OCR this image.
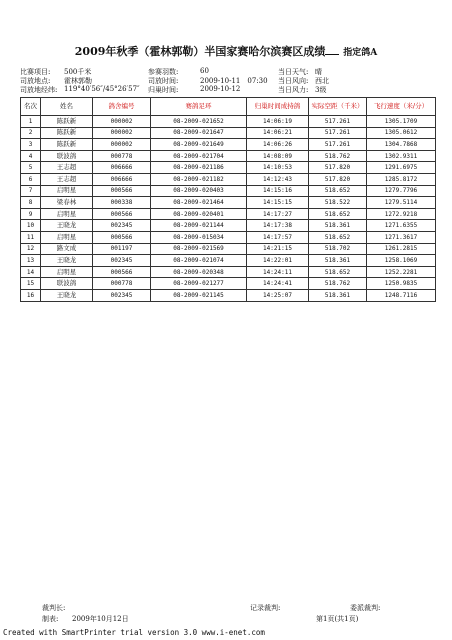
2009年秋季（霍林郭勒）半国家赛哈尔滨赛区成绩 指定鸽A
比赛项目: 500千米	参赛羽数:	60	当日天气: 晴
司放地点: 霍林郭勒	司放时间:	2009-10-11　07:30 当日风向: 西北
司放地经纬: 119°40′56″/45°26′57″ 归巢时间:	2009-10-12	当日风力: 3级
名次	姓名	鸽舍编号	赛鸽足环	归巢时间成持鸽	实际空距（千米）	飞行速度（米/分）
1	陈跃新	000002	08-2009-021652	14:06:19	517.261	1305.1709
2	陈跃新	000002	08-2009-021647	14:06:21	517.261	1305.0612
3	陈跃新	000002	08-2009-021649	14:06:26	517.261	1304.7868
4	联波鸽	000778	08-2009-021704	14:08:09	518.762	1302.9311
5	王志超	006666	08-2009-021186	14:10:53	517.820	1291.6975
6	王志超	006666	08-2009-021182	14:12:43	517.820	1285.8172
7	启明星	000566	08-2009-020403	14:15:16	518.652	1279.7796
8	梁春林	000338	08-2009-021464	14:15:15	518.522	1279.5114
9	启明星	000566	08-2009-020401	14:17:27	518.652	1272.9218
10	王晓龙	002345	08-2009-021144	14:17:38	518.361	1271.6355
11	启明星	000566	08-2009-015034	14:17:57	518.652	1271.3617
12	路文成	001197	08-2009-021569	14:21:15	518.702	1261.2815
13	王晓龙	002345	08-2009-021074	14:22:01	518.361	1258.1069
14	启明星	000566	08-2009-020348	14:24:11	518.652	1252.2281
15	联波鸽	000778	08-2009-021277	14:24:41	518.762	1250.9835
16	王晓龙	002345	08-2009-021145	14:25:07	518.361	1248.7116
裁判长:	记录裁判:	委派裁判:
制表: 2009年10月12日	第1页(共1页)
Created with SmartPrinter trial version 3.0 www.i-enet.com
